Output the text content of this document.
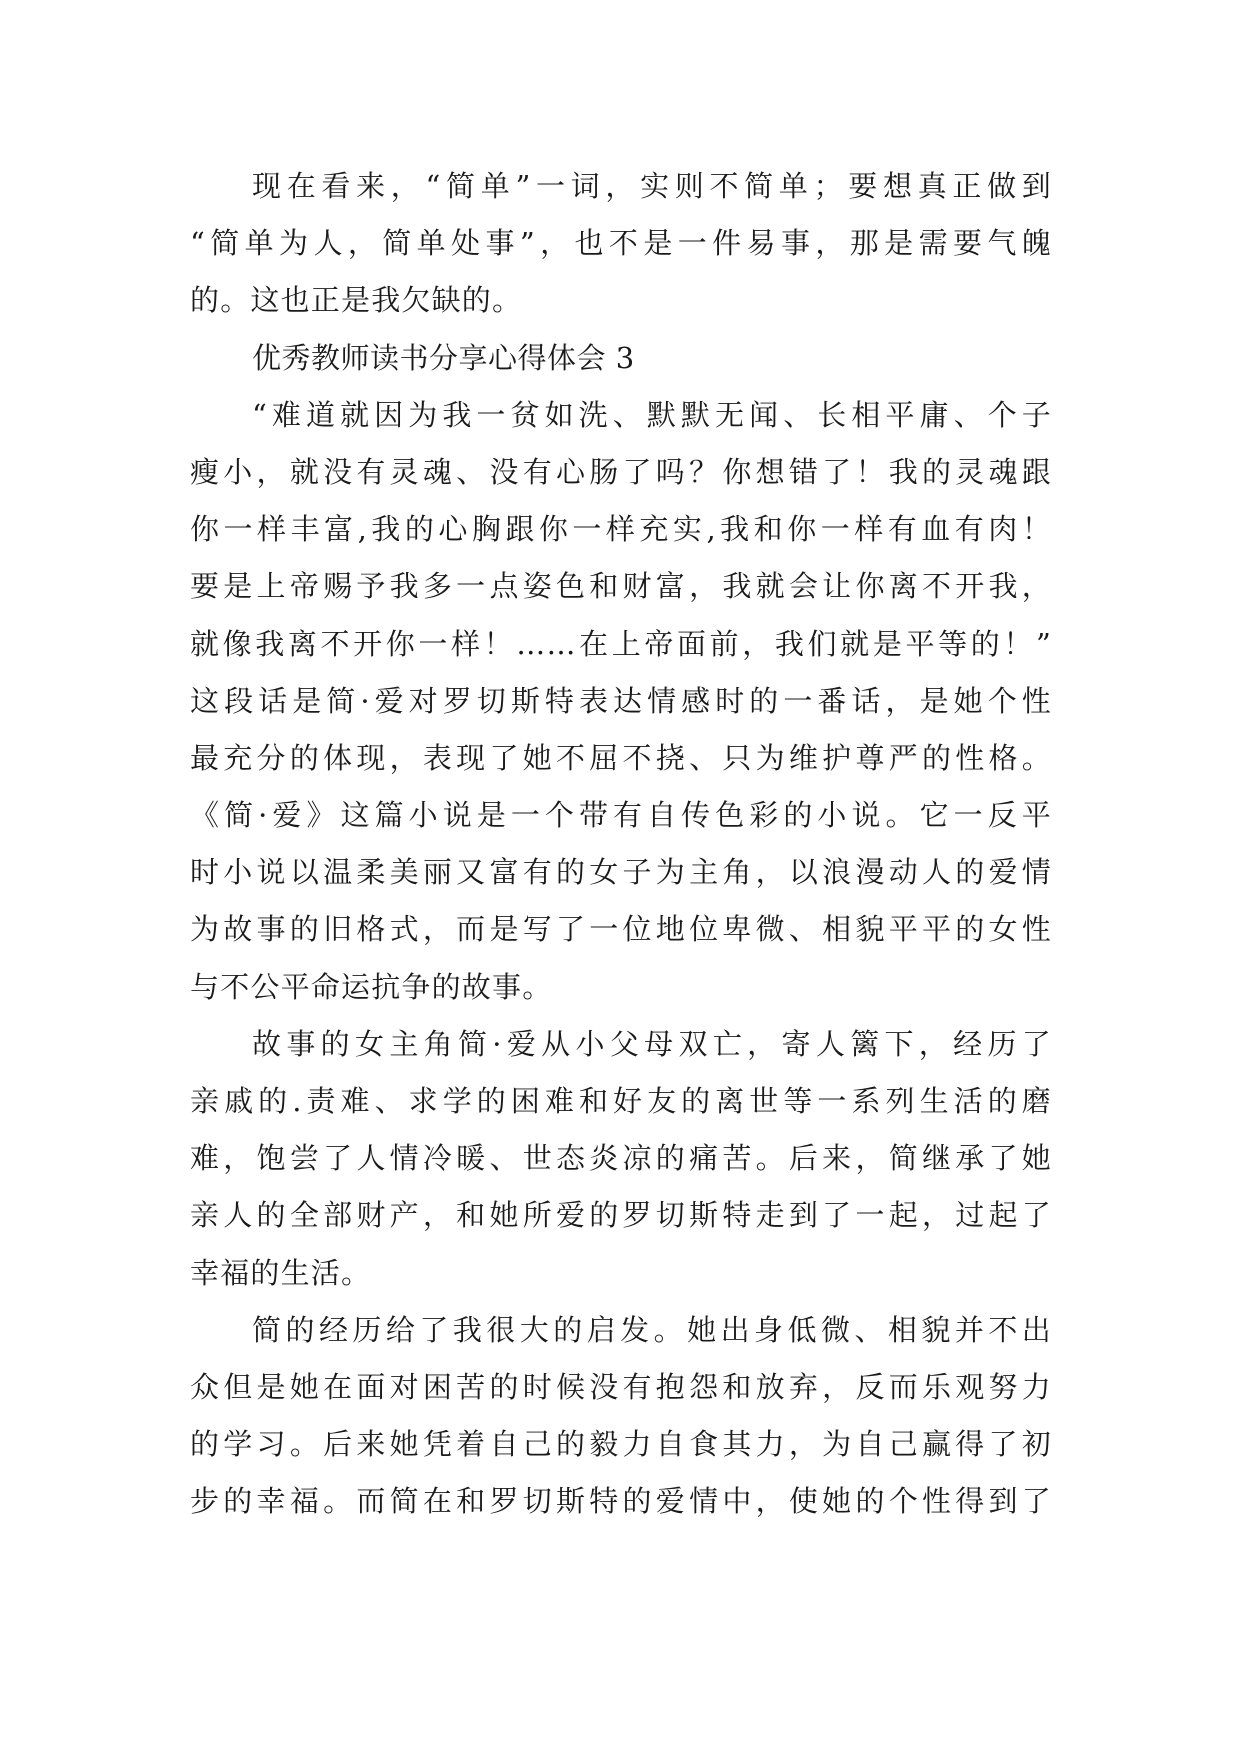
现在看来，“简单”一词，实则不简单；要想真正做到
“简单为人，简单处事”，也不是一件易事，那是需要气魄
的。这也正是我欠缺的。
优秀教师读书分享心得体会 3
“难道就因为我一贫如洗、默默无闻、长相平庸、个子
瘦小，就没有灵魂、没有心肠了吗？你想错了！我的灵魂跟
你一样丰富,我的心胸跟你一样充实,我和你一样有血有肉！
要是上帝赐予我多一点姿色和财富，我就会让你离不开我，
就像我离不开你一样！……在上帝面前，我们就是平等的！”
这段话是简·爱对罗切斯特表达情感时的一番话，是她个性
最充分的体现，表现了她不屈不挠、只为维护尊严的性格。
《简·爱》这篇小说是一个带有自传色彩的小说。它一反平
时小说以温柔美丽又富有的女子为主角，以浪漫动人的爱情
为故事的旧格式，而是写了一位地位卑微、相貌平平的女性
与不公平命运抗争的故事。
故事的女主角简·爱从小父母双亡，寄人篱下，经历了
亲戚的.责难、求学的困难和好友的离世等一系列生活的磨
难，饱尝了人情冷暖、世态炎凉的痛苦。后来，简继承了她
亲人的全部财产，和她所爱的罗切斯特走到了一起，过起了
幸福的生活。
简的经历给了我很大的启发。她出身低微、相貌并不出
众但是她在面对困苦的时候没有抱怨和放弃，反而乐观努力
的学习。后来她凭着自己的毅力自食其力，为自己赢得了初
步的幸福。而简在和罗切斯特的爱情中，使她的个性得到了
